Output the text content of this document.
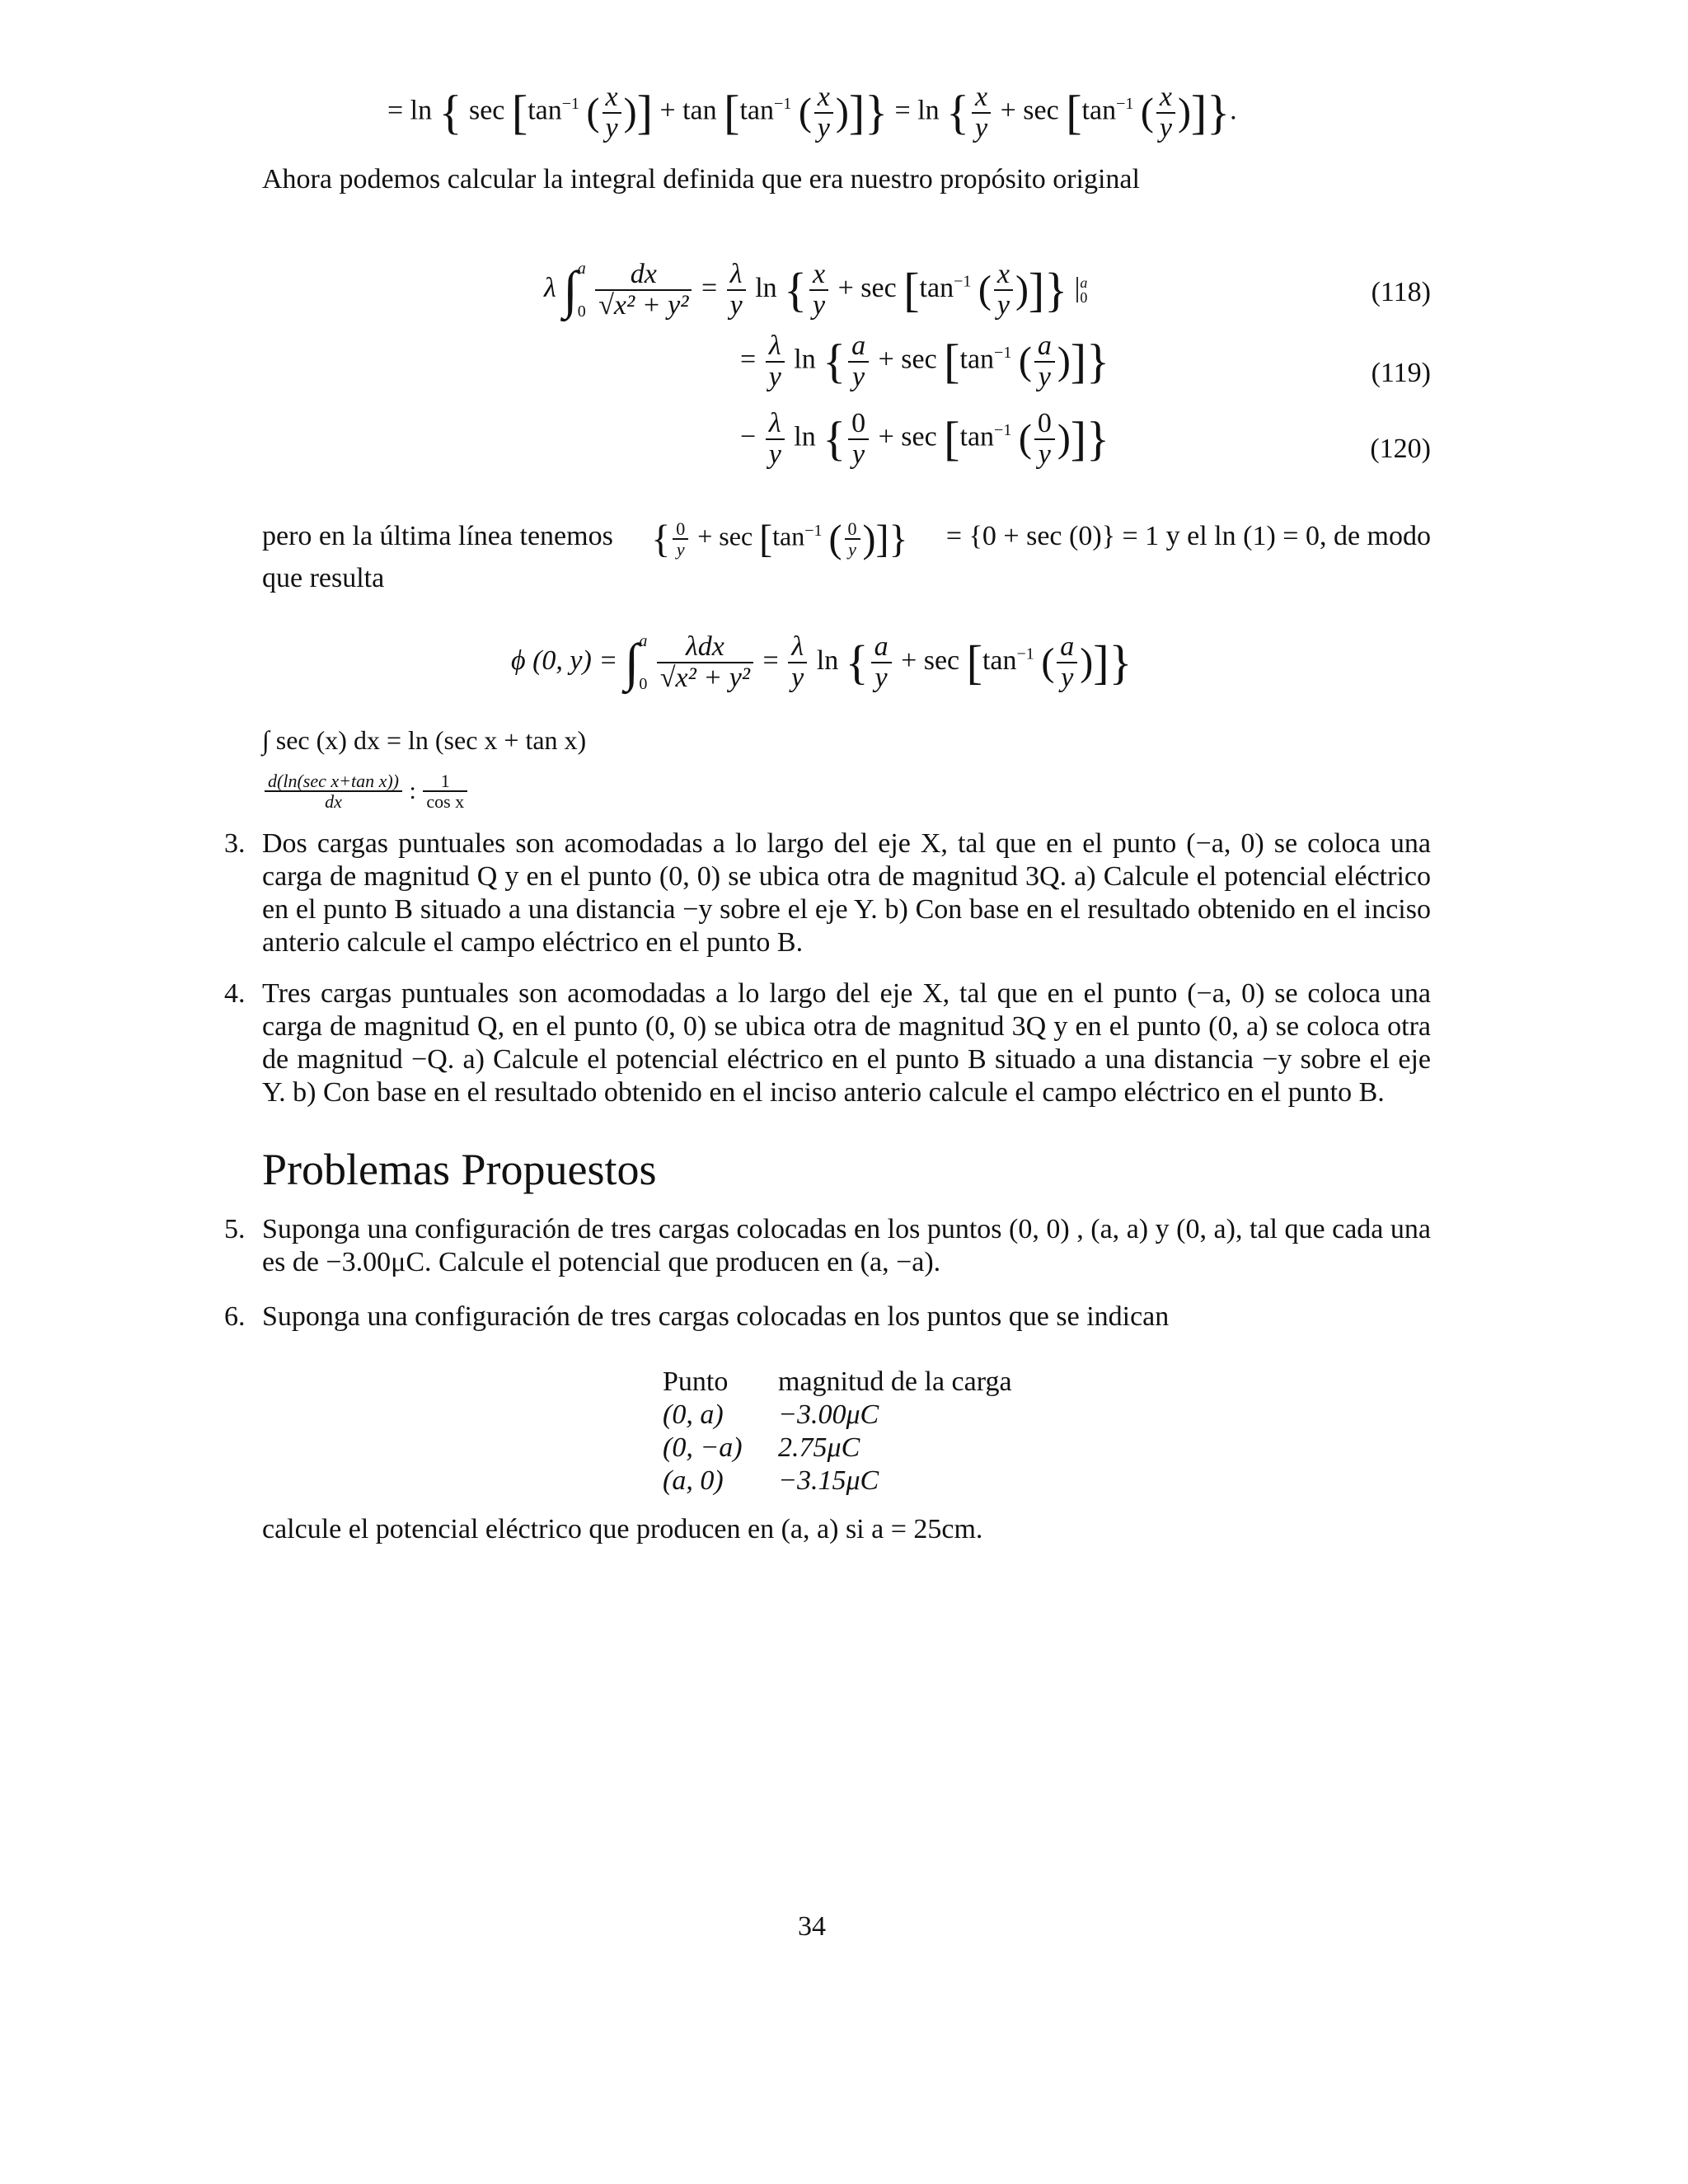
= ln { $\sec [\tan^{-1}$ ( $\frac{x}{y}$ )] + $\tan [\tan^{-1}$ ( $\frac{x}{y}$ )]} = ln { $\frac{x}{y} + \sec [\tan^{-1}$ ( $\frac{x}{y}$ )]}.
Ahora podemos calcular la integral definida que era nuestro propósito original
λ ∫ a
0
$\frac{dx}{\text{√x² + y²}} = \frac{\lambda}{y}$ ln { $\frac{x}{y} + \sec [\tan^{-1}$ ( $\frac{x}{y}$ )]} | a
0	(118)
= $\frac{\lambda}{y}$ ln { $\frac{a}{y} + \sec [\tan^{-1}$ ( $\frac{a}{y}$ )]}	(119)
− $\frac{\lambda}{y}$ ln { $\frac{0}{y} + \sec [\tan^{-1}$ ( $\frac{0}{y}$ )]}	(120)
pero en la última línea tenemos { $\frac{0}{y} + \sec [\tan^{-1}$ ( $\frac{0}{y}$ )]} = {0 + sec (0)} = 1 y el ln (1) = 0, de modo
que resulta
ϕ (0, y) = ∫ a
0
$\frac{\text{λdx}}{\text{√x² + y²}} = \frac{\lambda}{y}$ ln { $\frac{a}{y} + \sec [\tan^{-1}$ ( $\frac{a}{y}$ )]}
∫ sec (x) dx = ln (sec x + tan x)
$\frac{\text{d(ln(sec x+tan x))}}{dx}$ : $\frac{1}{\text{cos x}}$
3. Dos cargas puntuales son acomodadas a lo largo del eje X, tal que en el punto (−a, 0) se coloca una carga de magnitud Q y en el punto (0, 0) se ubica otra de magnitud 3Q. a) Calcule el potencial eléctrico en el punto B situado a una distancia −y sobre el eje Y. b) Con base en el resultado obtenido en el inciso anterio calcule el campo eléctrico en el punto B.
4. Tres cargas puntuales son acomodadas a lo largo del eje X, tal que en el punto (−a, 0) se coloca una carga de magnitud Q, en el punto (0, 0) se ubica otra de magnitud 3Q y en el punto (0, a) se coloca otra de magnitud −Q. a) Calcule el potencial eléctrico en el punto B situado a una distancia −y sobre el eje Y. b) Con base en el resultado obtenido en el inciso anterio calcule el campo eléctrico en el punto B.
Problemas Propuestos
5. Suponga una configuración de tres cargas colocadas en los puntos (0, 0) , (a, a) y (0, a), tal que cada una es de −3.00μC. Calcule el potencial que producen en (a, −a).
6. Suponga una configuración de tres cargas colocadas en los puntos que se indican
Punto magnitud de la carga
(0, a) −3.00μC
(0, −a) 2.75μC
(a, 0) −3.15μC
calcule el potencial eléctrico que producen en (a, a) si a = 25cm.
34
